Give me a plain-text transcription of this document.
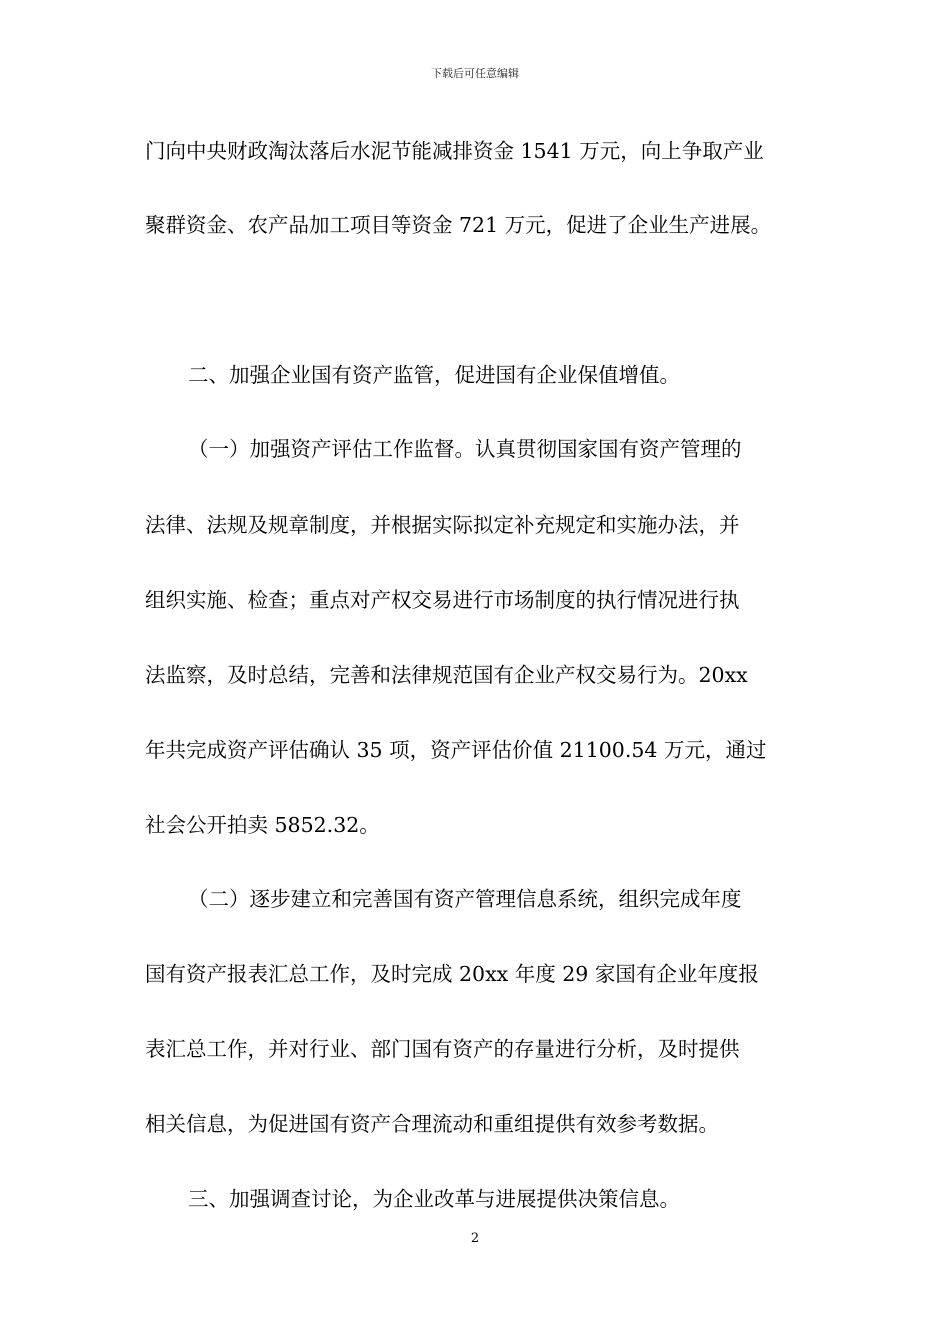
下载后可任意编辑
门向中央财政淘汰落后水泥节能减排资金 1541 万元，向上争取产业
聚群资金、农产品加工项目等资金 721 万元，促进了企业生产进展。
二、加强企业国有资产监管，促进国有企业保值增值。
（一）加强资产评估工作监督。认真贯彻国家国有资产管理的
法律、法规及规章制度，并根据实际拟定补充规定和实施办法，并
组织实施、检查；重点对产权交易进行市场制度的执行情况进行执
法监察，及时总结，完善和法律规范国有企业产权交易行为。20xx
年共完成资产评估确认 35 项，资产评估价值 21100.54 万元，通过
社会公开拍卖 5852.32。
（二）逐步建立和完善国有资产管理信息系统，组织完成年度
国有资产报表汇总工作，及时完成 20xx 年度 29 家国有企业年度报
表汇总工作，并对行业、部门国有资产的存量进行分析，及时提供
相关信息，为促进国有资产合理流动和重组提供有效参考数据。
三、加强调查讨论，为企业改革与进展提供决策信息。
2
